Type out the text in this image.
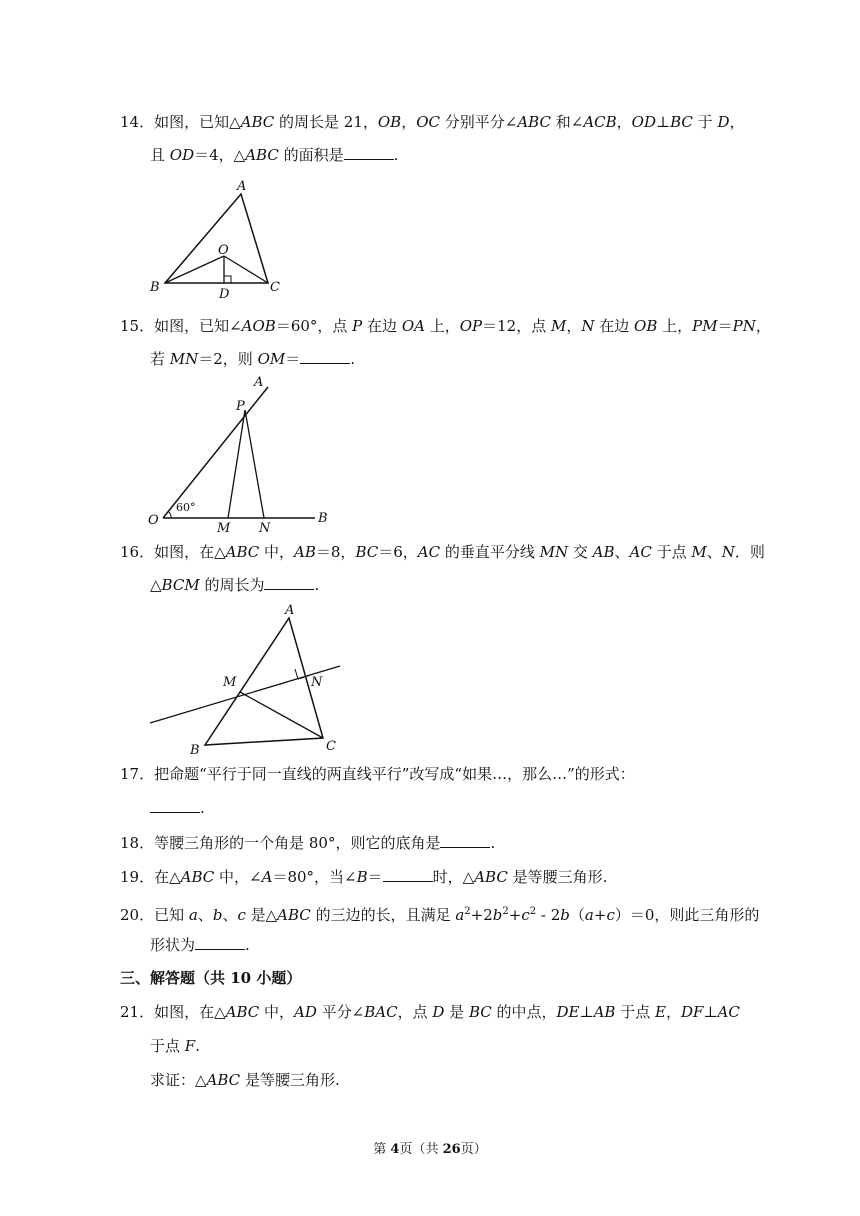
14．如图，已知△ABC 的周长是 21，OB，OC 分别平分∠ABC 和∠ACB，OD⊥BC 于 D，
且 OD＝4，△ABC 的面积是	.
A
B	C
O
D
15．如图，已知∠AOB＝60°，点 P 在边 OA 上，OP＝12，点 M，N 在边 OB 上，PM＝PN，
若 MN＝2，则 OM＝	.
A
P
O
60°
M N
B
16．如图，在△ABC 中，AB＝8，BC＝6，AC 的垂直平分线 MN 交 AB、AC 于点 M、N．则
△BCM 的周长为	.
A
M	N
B	C
17．把命题“平行于同一直线的两直线平行”改写成“如果…，那么…”的形式：
.
18．等腰三角形的一个角是 80°，则它的底角是	.
19．在△ABC 中，∠A＝80°，当∠B＝	时，△ABC 是等腰三角形.
20．已知 a、b、c 是△ABC 的三边的长，且满足 $a^2+2b^2+c^2$ ‑ 2b（a+c）＝0，则此三角形的
形状为	.
三、解答题（共 10 小题）
21．如图，在△ABC 中，AD 平分∠BAC，点 D 是 BC 的中点，DE⊥AB 于点 E，DF⊥AC
于点 F.
求证：△ABC 是等腰三角形.
第 4页（共 26页）
